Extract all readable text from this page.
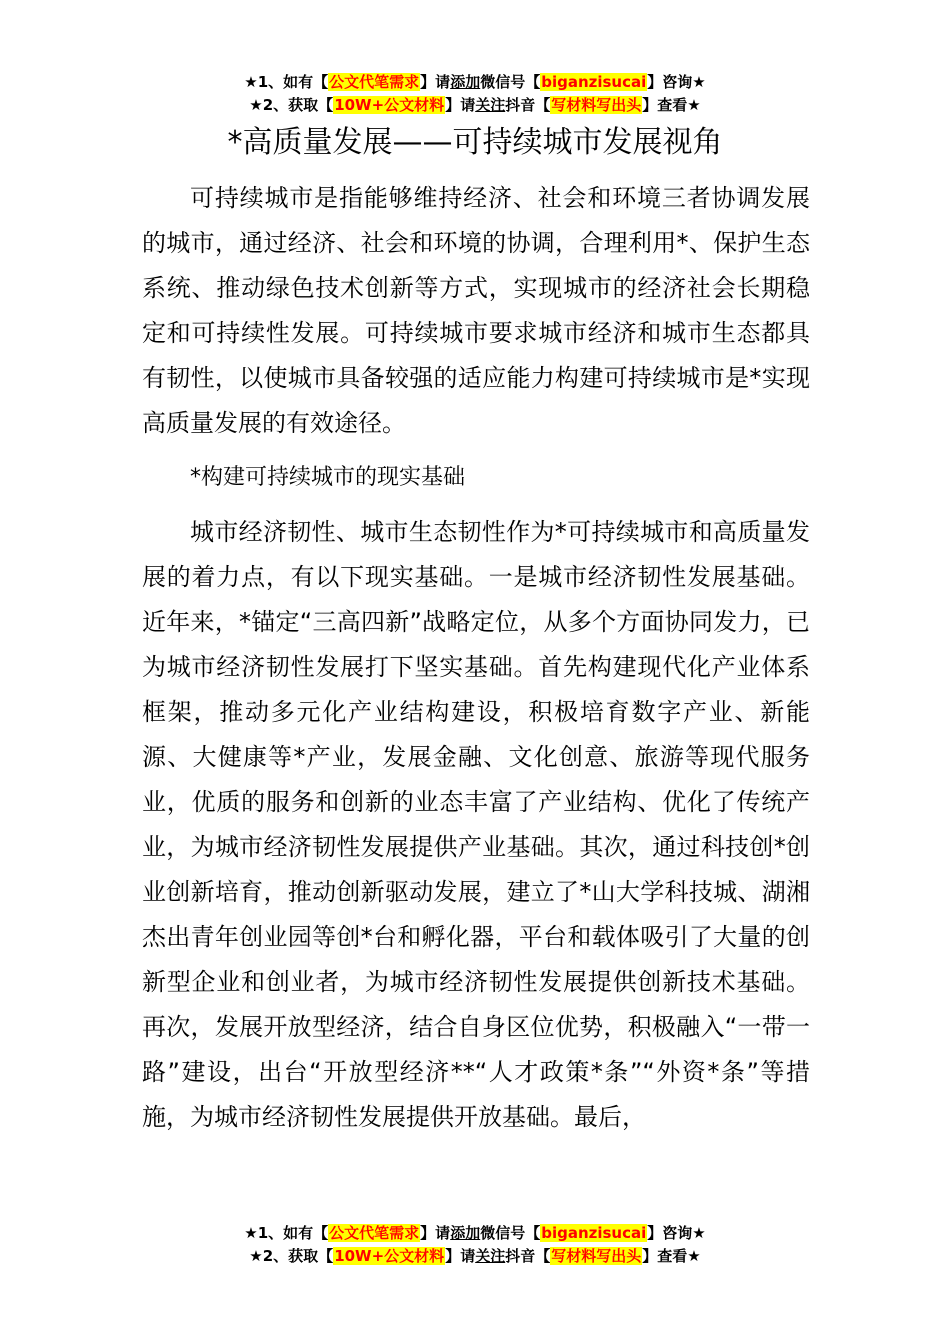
★1、如有【公文代笔需求】请添加微信号【biganzisucai】咨询★
★2、获取【10W+公文材料】请关注抖音【写材料写出头】查看★
*高质量发展——可持续城市发展视角

可持续城市是指能够维持经济、社会和环境三者协调发展的城市，通过经济、社会和环境的协调，合理利用*、保护生态系统、推动绿色技术创新等方式，实现城市的经济社会长期稳定和可持续性发展。可持续城市要求城市经济和城市生态都具有韧性，以使城市具备较强的适应能力构建可持续城市是*实现高质量发展的有效途径。

*构建可持续城市的现实基础

城市经济韧性、城市生态韧性作为*可持续城市和高质量发展的着力点，有以下现实基础。一是城市经济韧性发展基础。近年来，*锚定“三高四新”战略定位，从多个方面协同发力，已为城市经济韧性发展打下坚实基础。首先构建现代化产业体系框架，推动多元化产业结构建设，积极培育数字产业、新能源、大健康等*产业，发展金融、文化创意、旅游等现代服务业，优质的服务和创新的业态丰富了产业结构、优化了传统产业，为城市经济韧性发展提供产业基础。其次，通过科技创*创业创新培育，推动创新驱动发展，建立了*山大学科技城、湖湘杰出青年创业园等创*台和孵化器，平台和载体吸引了大量的创新型企业和创业者，为城市经济韧性发展提供创新技术基础。再次，发展开放型经济，结合自身区位优势，积极融入“一带一路”建设，出台“开放型经济**“人才政策*条”“外资*条”等措施，为城市经济韧性发展提供开放基础。最后，

★1、如有【公文代笔需求】请添加微信号【biganzisucai】咨询★
★2、获取【10W+公文材料】请关注抖音【写材料写出头】查看★
